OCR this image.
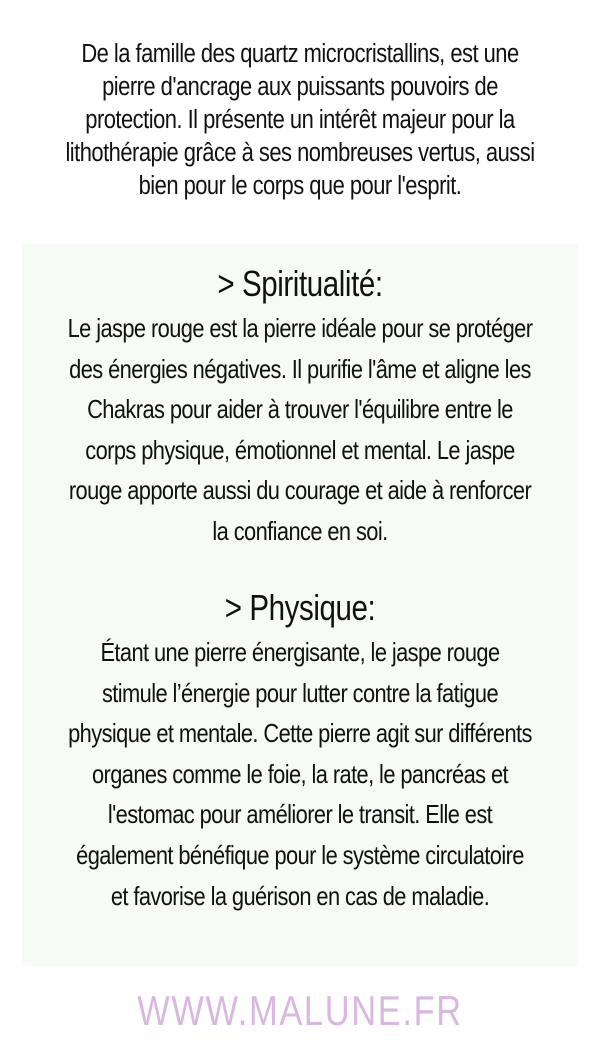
De la famille des quartz microcristallins, est une pierre d'ancrage aux puissants pouvoirs de protection. Il présente un intérêt majeur pour la lithothérapie grâce à ses nombreuses vertus, aussi bien pour le corps que pour l'esprit.
> Spiritualité:
Le jaspe rouge est la pierre idéale pour se protéger des énergies négatives. Il purifie l'âme et aligne les Chakras pour aider à trouver l'équilibre entre le corps physique, émotionnel et mental. Le jaspe rouge apporte aussi du courage et aide à renforcer la confiance en soi.
> Physique:
Étant une pierre énergisante, le jaspe rouge stimule l’énergie pour lutter contre la fatigue physique et mentale. Cette pierre agit sur différents organes comme le foie, la rate, le pancréas et l'estomac pour améliorer le transit. Elle est également bénéfique pour le système circulatoire et favorise la guérison en cas de maladie.
WWW.MALUNE.FR
